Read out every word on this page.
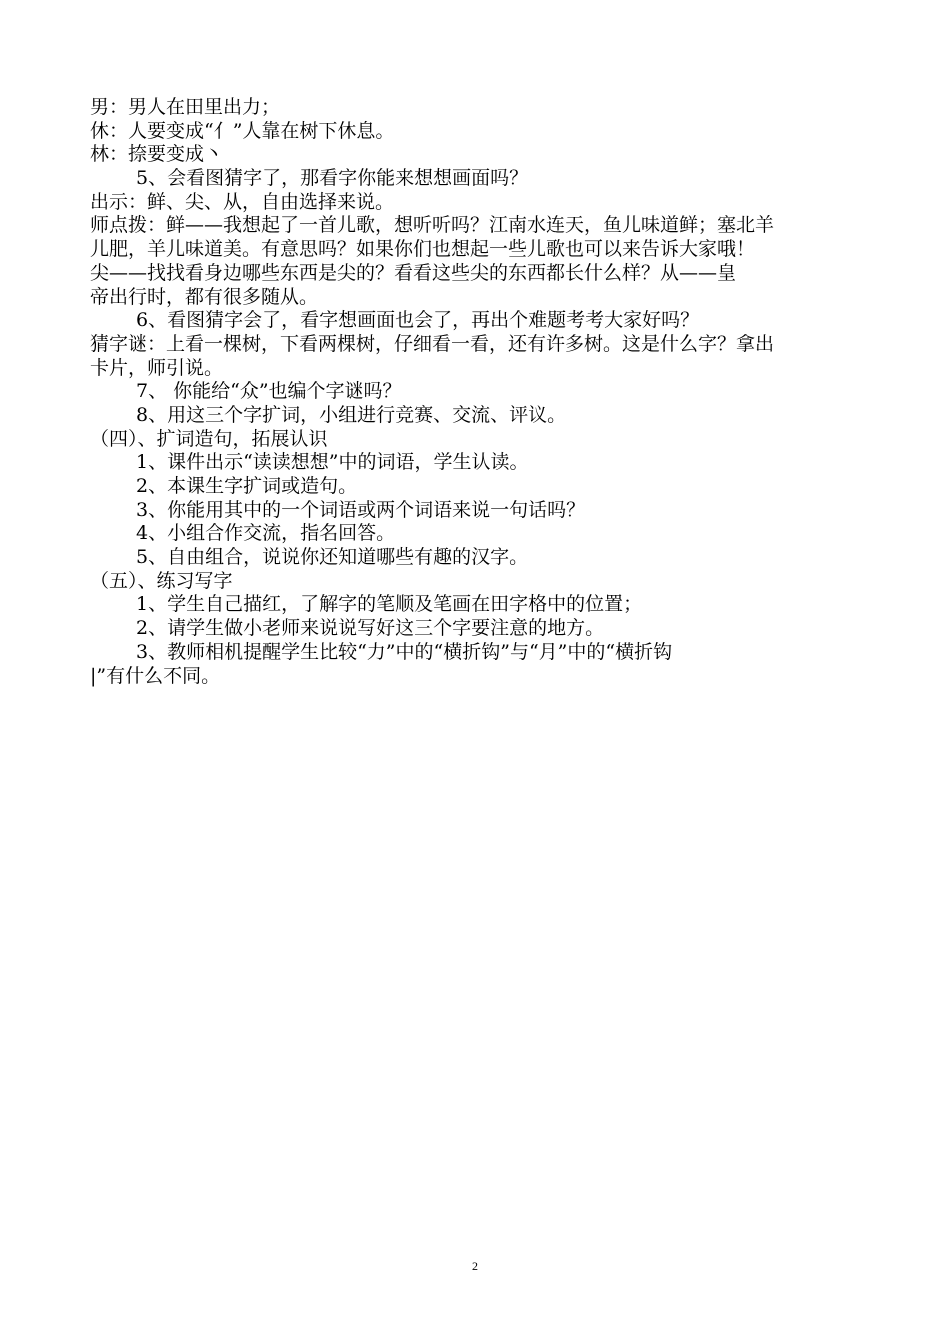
男：男人在田里出力；
休：人要变成“亻”人靠在树下休息。
林：捺要变成丶
5、会看图猜字了，那看字你能来想想画面吗？
出示：鲜、尖、从，自由选择来说。
师点拨：鲜——我想起了一首儿歌，想听听吗？江南水连天，鱼儿味道鲜；塞北羊
儿肥，羊儿味道美。有意思吗？如果你们也想起一些儿歌也可以来告诉大家哦！
尖——找找看身边哪些东西是尖的？看看这些尖的东西都长什么样？从——皇
帝出行时，都有很多随从。
6、看图猜字会了，看字想画面也会了，再出个难题考考大家好吗？
猜字谜：上看一棵树，下看两棵树，仔细看一看，还有许多树。这是什么字？拿出
卡片，师引说。
7、 你能给“众”也编个字谜吗？
8、用这三个字扩词，小组进行竞赛、交流、评议。
（四）、扩词造句，拓展认识
1、课件出示“读读想想”中的词语，学生认读。
2、本课生字扩词或造句。
3、你能用其中的一个词语或两个词语来说一句话吗？
4、小组合作交流，指名回答。
5、自由组合，说说你还知道哪些有趣的汉字。
（五）、练习写字
1、学生自己描红，了解字的笔顺及笔画在田字格中的位置；
2、请学生做小老师来说说写好这三个字要注意的地方。
3、教师相机提醒学生比较“力”中的“横折钩”与“月”中的“横折钩
|”有什么不同。
2
